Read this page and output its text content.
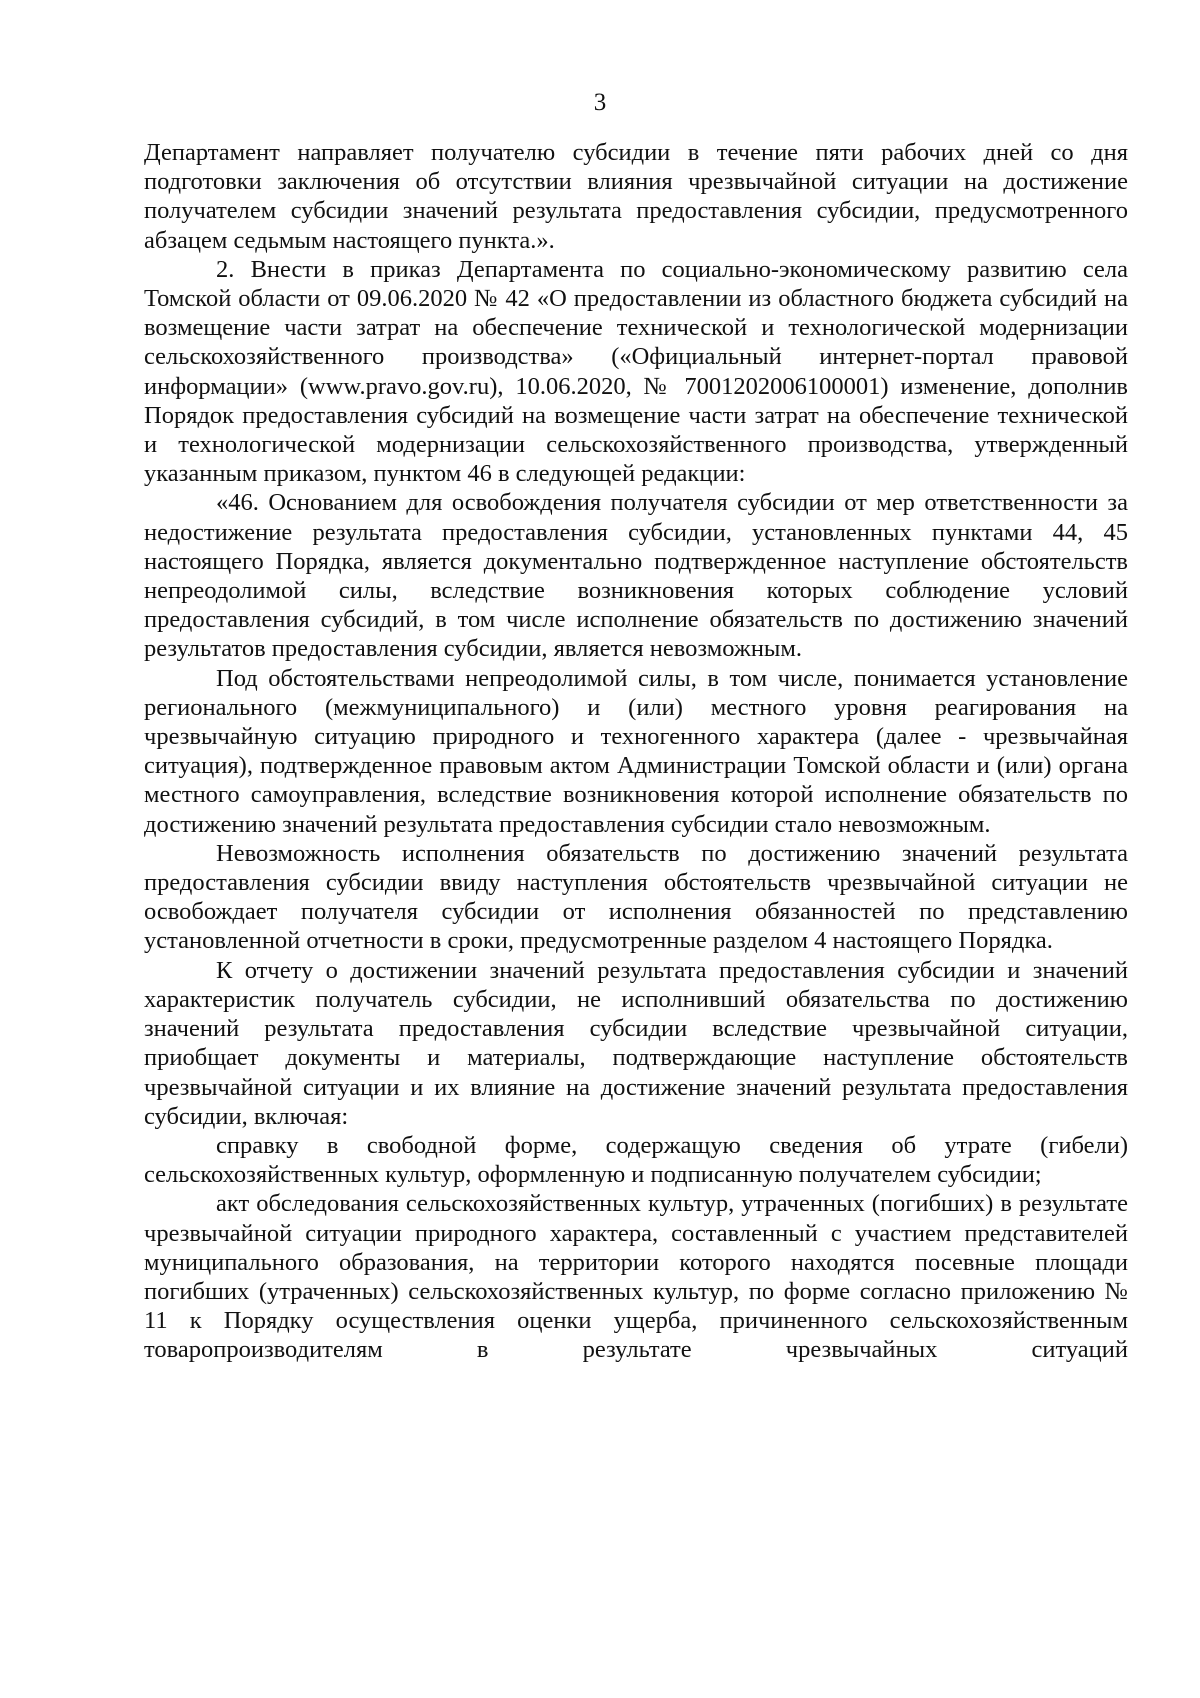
3

Департамент направляет получателю субсидии в течение пяти рабочих дней со дня подготовки заключения об отсутствии влияния чрезвычайной ситуации на достижение получателем субсидии значений результата предоставления субсидии, предусмотренного абзацем седьмым настоящего пункта.».

2. Внести в приказ Департамента по социально-экономическому развитию села Томской области от 09.06.2020 № 42 «О предоставлении из областного бюджета субсидий на возмещение части затрат на обеспечение технической и технологической модернизации сельскохозяйственного производства» («Официальный интернет-портал правовой информации» (www.pravo.gov.ru), 10.06.2020, № 7001202006100001) изменение, дополнив Порядок предоставления субсидий на возмещение части затрат на обеспечение технической и технологической модернизации сельскохозяйственного производства, утвержденный указанным приказом, пунктом 46 в следующей редакции:

«46. Основанием для освобождения получателя субсидии от мер ответственности за недостижение результата предоставления субсидии, установленных пунктами 44, 45 настоящего Порядка, является документально подтвержденное наступление обстоятельств непреодолимой силы, вследствие возникновения которых соблюдение условий предоставления субсидий, в том числе исполнение обязательств по достижению значений результатов предоставления субсидии, является невозможным.

Под обстоятельствами непреодолимой силы, в том числе, понимается установление регионального (межмуниципального) и (или) местного уровня реагирования на чрезвычайную ситуацию природного и техногенного характера (далее - чрезвычайная ситуация), подтвержденное правовым актом Администрации Томской области и (или) органа местного самоуправления, вследствие возникновения которой исполнение обязательств по достижению значений результата предоставления субсидии стало невозможным.

Невозможность исполнения обязательств по достижению значений результата предоставления субсидии ввиду наступления обстоятельств чрезвычайной ситуации не освобождает получателя субсидии от исполнения обязанностей по представлению установленной отчетности в сроки, предусмотренные разделом 4 настоящего Порядка.

К отчету о достижении значений результата предоставления субсидии и значений характеристик получатель субсидии, не исполнивший обязательства по достижению значений результата предоставления субсидии вследствие чрезвычайной ситуации, приобщает документы и материалы, подтверждающие наступление обстоятельств чрезвычайной ситуации и их влияние на достижение значений результата предоставления субсидии, включая:

справку в свободной форме, содержащую сведения об утрате (гибели) сельскохозяйственных культур, оформленную и подписанную получателем субсидии;

акт обследования сельскохозяйственных культур, утраченных (погибших) в результате чрезвычайной ситуации природного характера, составленный с участием представителей муниципального образования, на территории которого находятся посевные площади погибших (утраченных) сельскохозяйственных культур, по форме согласно приложению № 11 к Порядку осуществления оценки ущерба, причиненного сельскохозяйственным товаропроизводителям в результате чрезвычайных ситуаций
